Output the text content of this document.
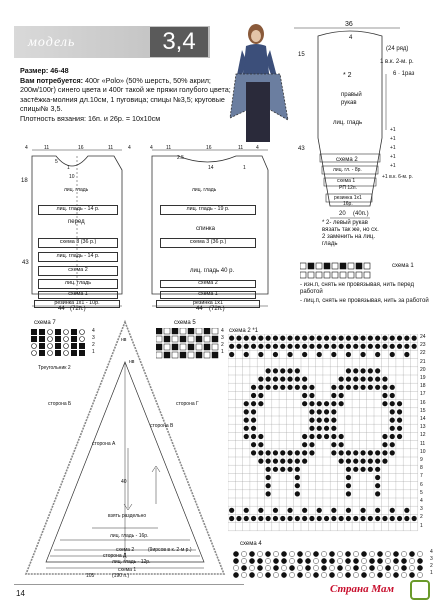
модель	3,4
Размер: 46-48
Вам потребуется: 400г «Polo» (50% шерсть, 50% акрил; 200м/100г) синего цвета и 400г такой же пряжи голубого цвета; застёжка-молния дл.10см, 1 пуговица; спицы №3,5; круговые спицы№ 3,5.
Плотность вязания: 16п. и 26р. = 10х10см
36
4
15
(24 ряд)
1 в.к. 2-м. р.
6 · 1раз
* 2
правый
рукав
лиц. гладь
43
+1
+1
+1
+1
+1
+1 в.к. 6-м. р.
схема 2
лиц. гл. - 8р.
схема 1
РП 12п.
резинка 1х1
16р.
20 (40п.)
* 2- левый рукав вязать так же, но сх. 2 заменить на лиц. гладь
4	11	16	11	4
5
1
10
18
43
лиц. гладь
лиц. гладь - 14 р.
перед
схема 3 (36 р.)
лиц. гладь - 14 р.
схема 2
лиц. гладь
схема 1
резинка 1х1 - 10р.
44 (72п.)
4	11	16	11	4
2.5
14	1
лиц. гладь
лиц. гладь - 19 р.
спинка
схема 3 (36 р.)
лиц. гладь 40 р.
схема 2
схема 1
резинка 1х1
44 (72п.)
схема 1
- изн.п, снять не провязывая, нить перед работой
- лиц.п, снять не провязывая, нить за работой
схема 7
4
3
2
1
схема 5
4
3
2
1
Треугольник 2
нв
нв
сторона Б	сторона Г
сторона В
сторона А
сторона Д
40
взять раздельно
лиц. гладь - 16р.
схема 2	(9ирсов в к. 2-м р.)
лиц. гладь - 12р.
схема 1
105	(190 п.)
схема 2 *1
24
23
22
21
20
19
18
17
16
15
14
13
12
11
10
9
8
7
6
5
4
3
2
1
схема 4
4
3
2
1
14	Страна Мам
